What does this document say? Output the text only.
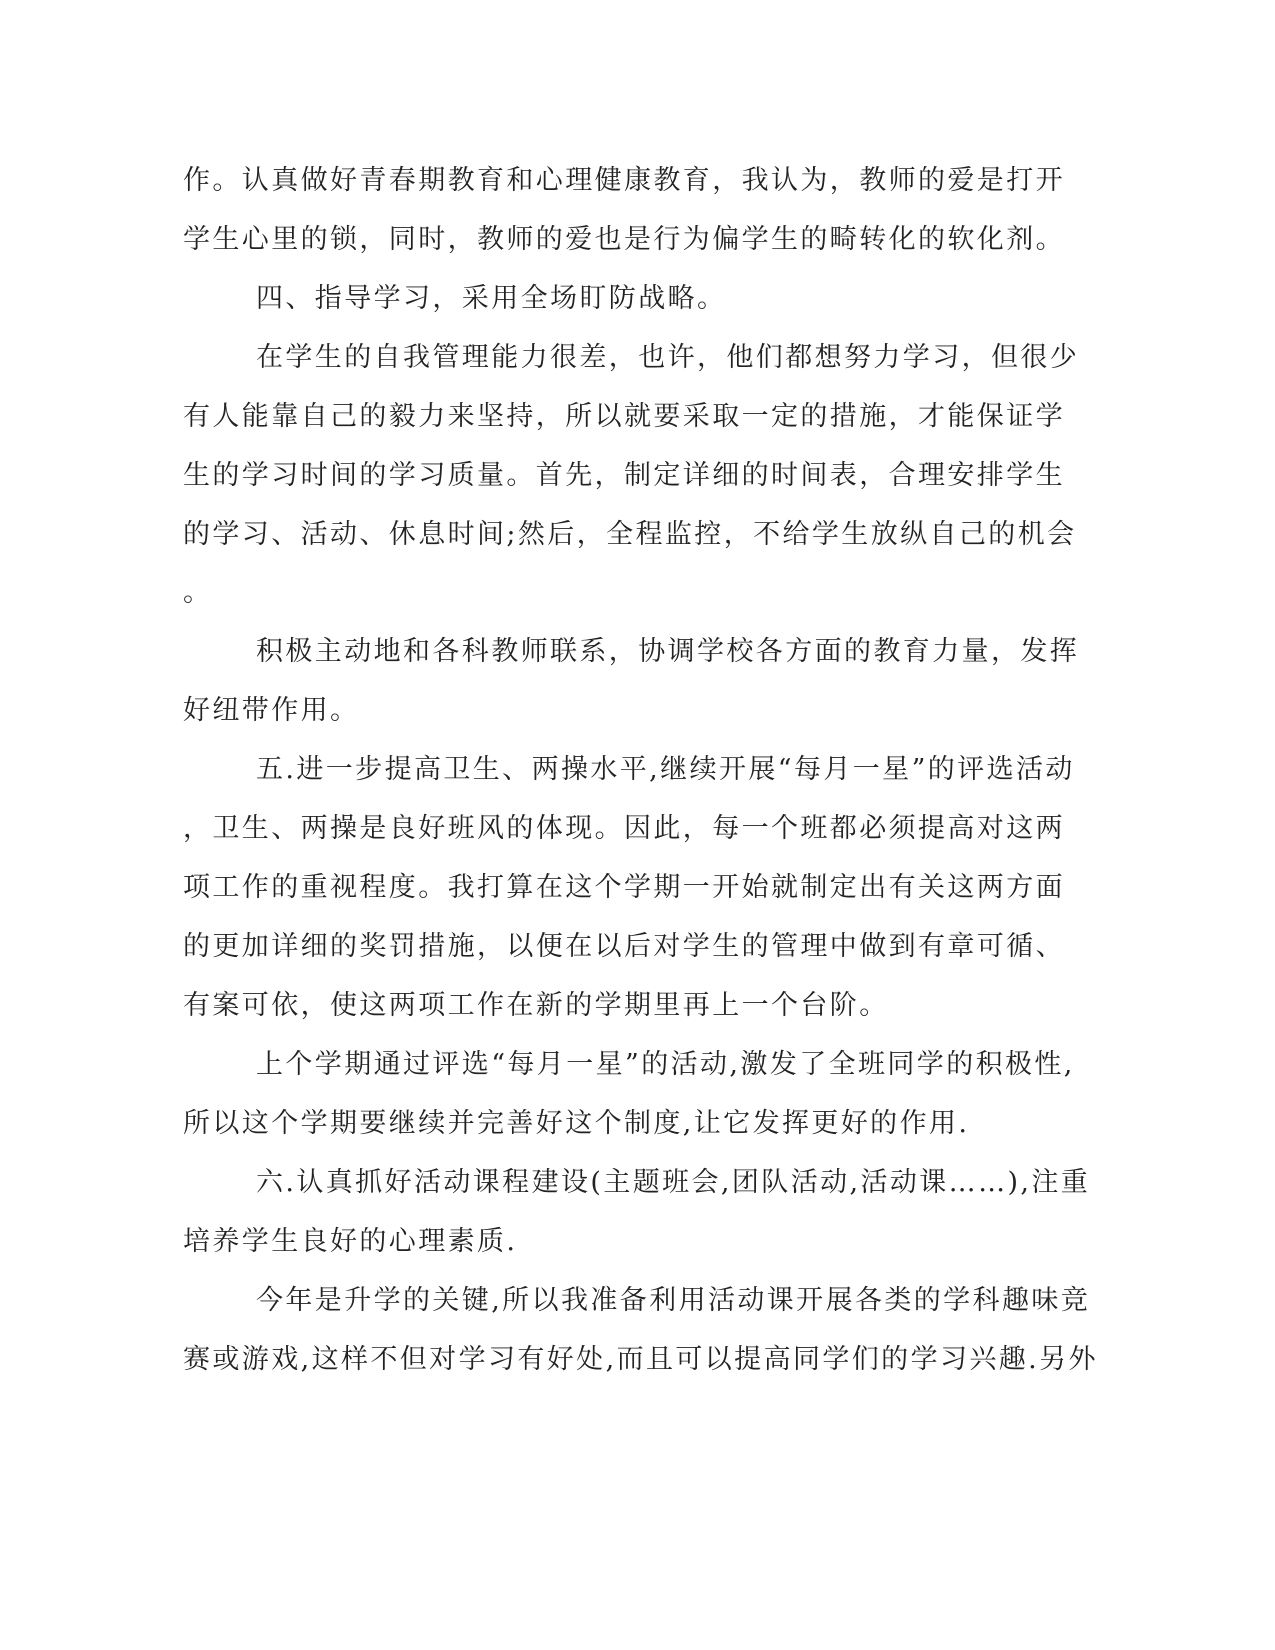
作。认真做好青春期教育和心理健康教育，我认为，教师的爱是打开
学生心里的锁，同时，教师的爱也是行为偏学生的畸转化的软化剂。
四、指导学习，采用全场盯防战略。
在学生的自我管理能力很差，也许，他们都想努力学习，但很少
有人能靠自己的毅力来坚持，所以就要采取一定的措施，才能保证学
生的学习时间的学习质量。首先，制定详细的时间表，合理安排学生
的学习、活动、休息时间;然后，全程监控，不给学生放纵自己的机会
。
积极主动地和各科教师联系，协调学校各方面的教育力量，发挥
好纽带作用。
五.进一步提高卫生、两操水平,继续开展“每月一星”的评选活动
，卫生、两操是良好班风的体现。因此，每一个班都必须提高对这两
项工作的重视程度。我打算在这个学期一开始就制定出有关这两方面
的更加详细的奖罚措施，以便在以后对学生的管理中做到有章可循、
有案可依，使这两项工作在新的学期里再上一个台阶。
上个学期通过评选“每月一星”的活动,激发了全班同学的积极性,
所以这个学期要继续并完善好这个制度,让它发挥更好的作用.
六.认真抓好活动课程建设(主题班会,团队活动,活动课……),注重
培养学生良好的心理素质.
今年是升学的关键,所以我准备利用活动课开展各类的学科趣味竞
赛或游戏,这样不但对学习有好处,而且可以提高同学们的学习兴趣.另外
